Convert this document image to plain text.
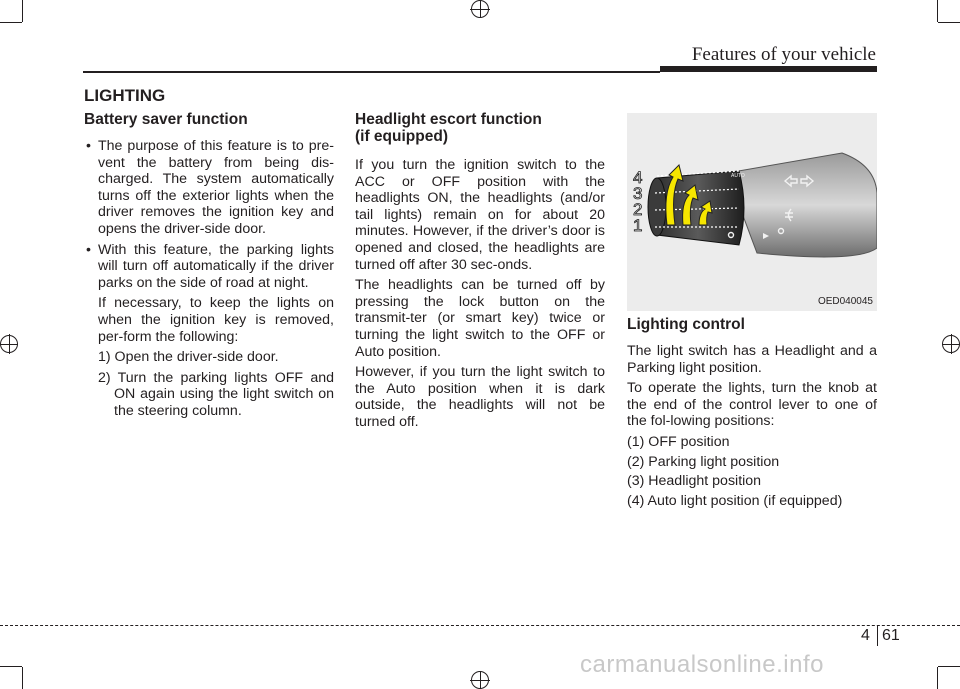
Features of your vehicle
LIGHTING
Battery saver function
• The purpose of this feature is to pre-vent the battery from being dis-charged. The system automatically turns off the exterior lights when the driver removes the ignition key and opens the driver-side door.
• With this feature, the parking lights will turn off automatically if the driver parks on the side of road at night.
If necessary, to keep the lights on when the ignition key is removed, per-form the following:
1) Open the driver-side door.
2) Turn the parking lights OFF and ON again using the light switch on the steering column.
Headlight escort function
(if equipped)

If you turn the ignition switch to the ACC or OFF position with the headlights ON, the headlights (and/or tail lights) remain on for about 20 minutes. However, if the driver’s door is opened and closed, the headlights are turned off after 30 sec-onds.

The headlights can be turned off by pressing the lock button on the transmit-ter (or smart key) twice or turning the light switch to the OFF or Auto position.

However, if you turn the light switch to the Auto position when it is dark outside, the headlights will not be turned off.

AUTO
4
3
2
1
OED040045
Lighting control

The light switch has a Headlight and a Parking light position.

To operate the lights, turn the knob at the end of the control lever to one of the fol-lowing positions:

(1) OFF position
(2) Parking light position
(3) Headlight position
(4) Auto light position (if equipped)
4 61
carmanualsonline.info
